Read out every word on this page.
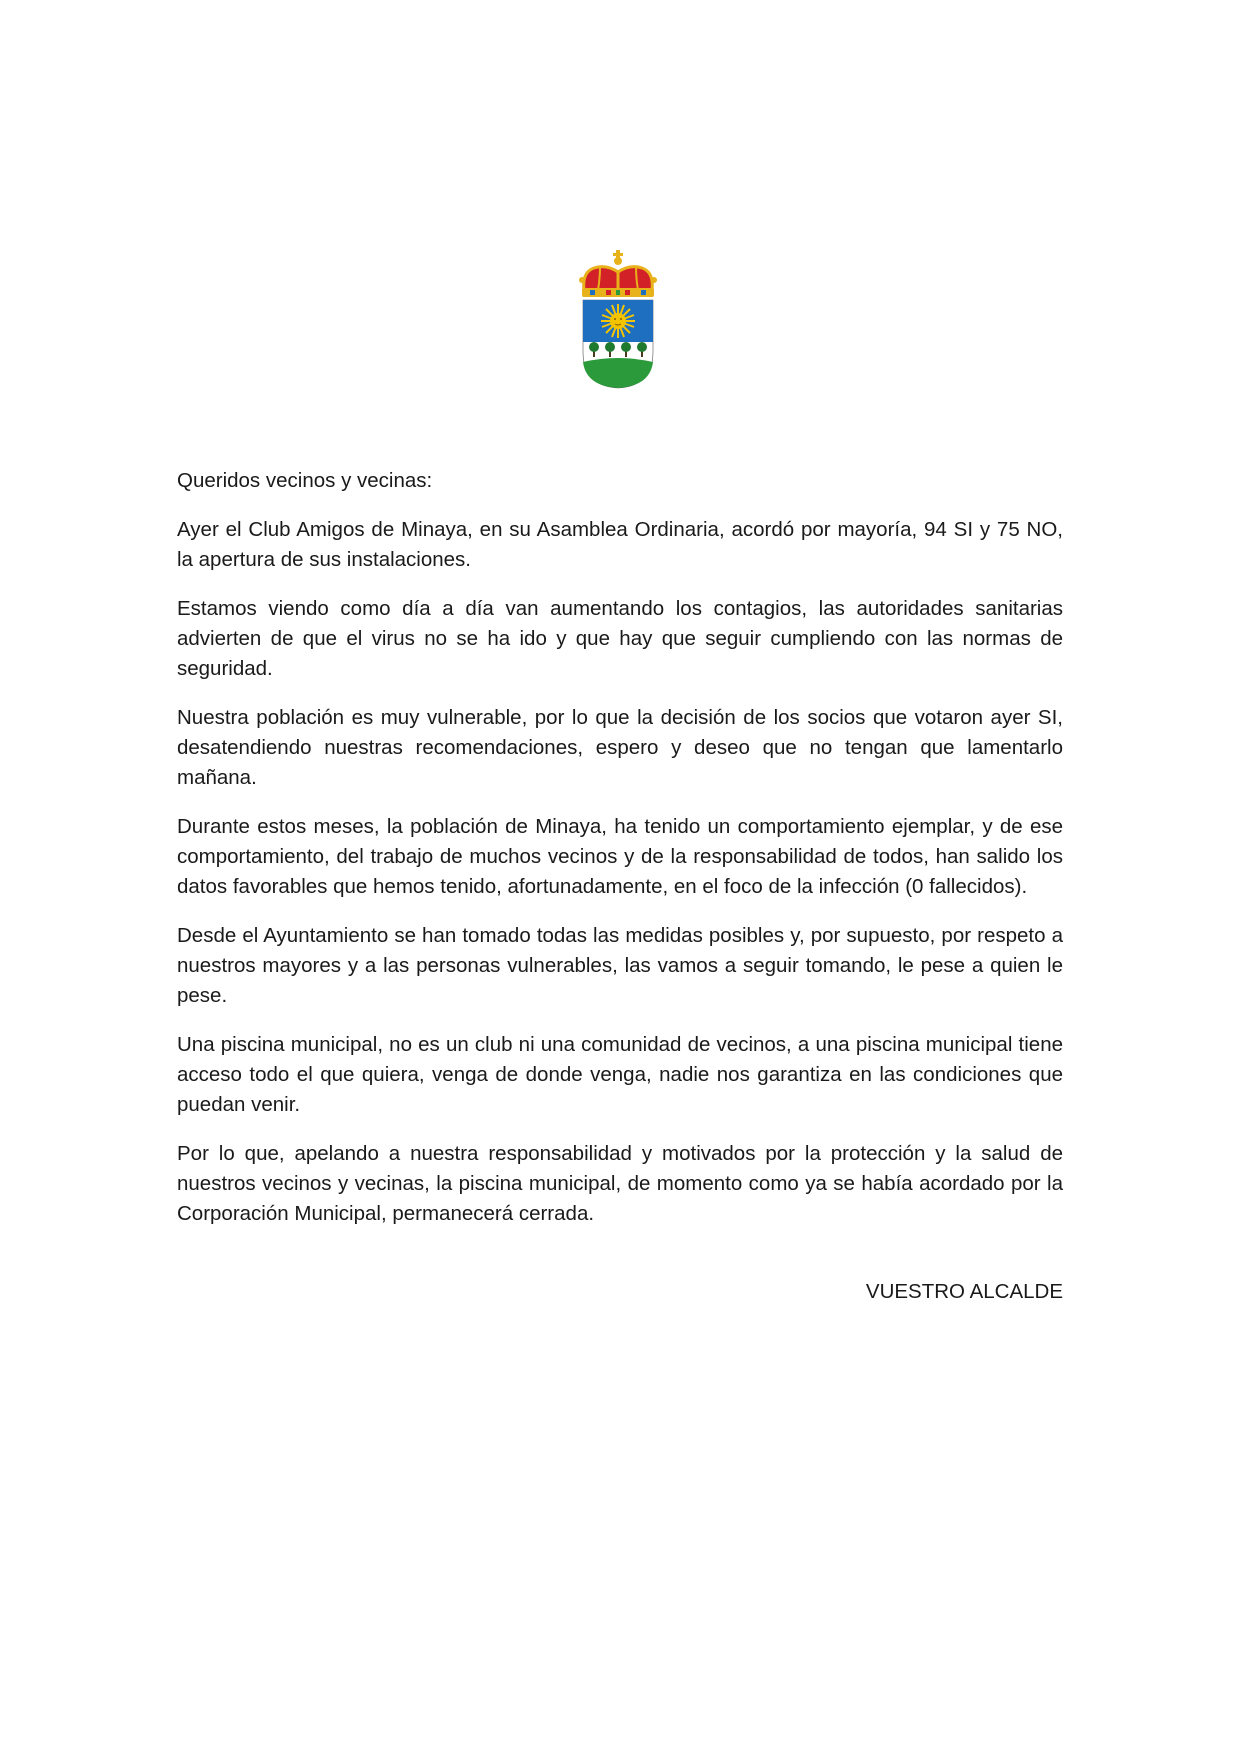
Queridos vecinos y vecinas:

Ayer el Club Amigos de Minaya, en su Asamblea Ordinaria, acordó por mayoría, 94 SI y 75 NO, la apertura de sus instalaciones.

Estamos viendo como día a día van aumentando los contagios, las autoridades sanitarias advierten de que el virus no se ha ido y que hay que seguir cumpliendo con las normas de seguridad.

Nuestra población es muy vulnerable, por lo que la decisión de los socios que votaron ayer SI, desatendiendo nuestras recomendaciones, espero y deseo que no tengan que lamentarlo mañana.

Durante estos meses, la población de Minaya, ha tenido un comportamiento ejemplar, y de ese comportamiento, del trabajo de muchos vecinos y de la responsabilidad de todos, han salido los datos favorables que hemos tenido, afortunadamente, en el foco de la infección (0 fallecidos).

Desde el Ayuntamiento se han tomado todas las medidas posibles y, por supuesto, por respeto a nuestros mayores y a las personas vulnerables, las vamos a seguir tomando, le pese a quien le pese.

Una piscina municipal, no es un club ni una comunidad de vecinos, a una piscina municipal tiene acceso todo el que quiera, venga de donde venga, nadie nos garantiza en las condiciones que puedan venir.

Por lo que, apelando a nuestra responsabilidad y motivados por la protección y la salud de nuestros vecinos y vecinas, la piscina municipal, de momento como ya se había acordado por la Corporación Municipal, permanecerá cerrada.

VUESTRO ALCALDE
